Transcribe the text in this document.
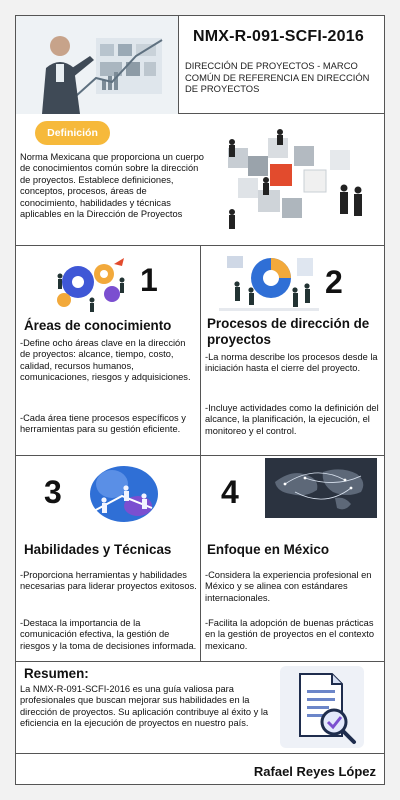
NMX-R-091-SCFI-2016
DIRECCIÓN DE PROYECTOS - MARCO COMÚN DE REFERENCIA EN DIRECCIÓN DE PROYECTOS
Definición
Norma Mexicana que proporciona un cuerpo de conocimientos común sobre la dirección de proyectos. Establece definiciones, conceptos, procesos, áreas de conocimiento, habilidades y técnicas aplicables en la Dirección de Proyectos
1
Áreas de conocimiento
-Define ocho áreas clave en la dirección de proyectos: alcance, tiempo, costo, calidad, recursos humanos, comunicaciones, riesgos y adquisiciones.
-Cada área tiene procesos específicos y herramientas para su gestión eficiente.
2
Procesos de dirección de proyectos
-La norma describe los procesos desde la iniciación hasta el cierre del proyecto.
-Incluye actividades como la definición del alcance, la planificación, la ejecución, el monitoreo y el control.
3
Habilidades y Técnicas
-Proporciona herramientas y habilidades necesarias para liderar proyectos exitosos.
-Destaca la importancia de la comunicación efectiva, la gestión de riesgos y la toma de decisiones informada.
4
Enfoque en México
-Considera la experiencia profesional en México y se alinea con estándares internacionales.
-Facilita la adopción de buenas prácticas en la gestión de proyectos en el contexto mexicano.
Resumen:
La NMX-R-091-SCFI-2016 es una guía valiosa para profesionales que buscan mejorar sus habilidades en la dirección de proyectos. Su aplicación contribuye al éxito y la eficiencia en la ejecución de proyectos en nuestro país.
Rafael Reyes López
